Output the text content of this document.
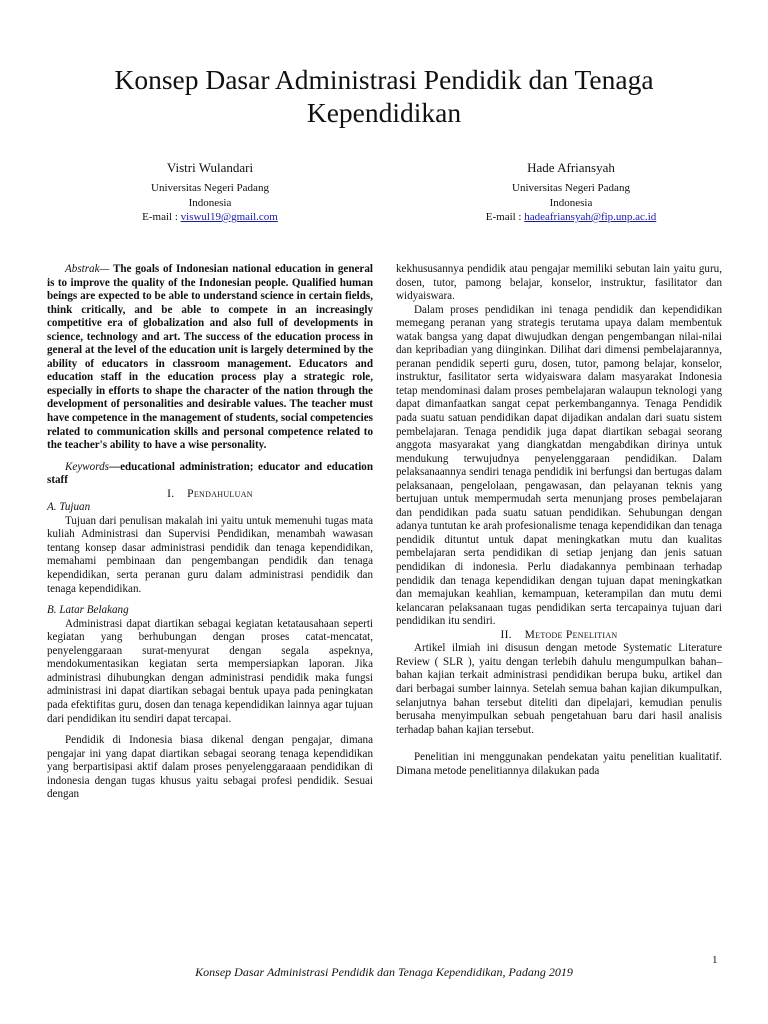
Konsep Dasar Administrasi Pendidik dan Tenaga Kependidikan
Vistri Wulandari
Universitas Negeri Padang
Indonesia
E-mail : viswul19@gmail.com
Hade Afriansyah
Universitas Negeri Padang
Indonesia
E-mail : hadeafriansyah@fip.unp.ac.id

Abstrak— The goals of Indonesian national education in general is to improve the quality of the Indonesian people. Qualified human beings are expected to be able to understand science in certain fields, think critically, and be able to compete in an increasingly competitive era of globalization and also full of developments in science, technology and art. The success of the education process in general at the level of the education unit is largely determined by the ability of educators in classroom management. Educators and education staff in the education process play a strategic role, especially in efforts to shape the character of the nation through the development of personalities and desirable values. The teacher must have competence in the management of students, social competencies related to communication skills and personal competence related to the teacher's ability to have a wise personality.

Keywords—educational administration; educator and education staff

I. Pendahuluan

A. Tujuan

Tujuan dari penulisan makalah ini yaitu untuk memenuhi tugas mata kuliah Administrasi dan Supervisi Pendidikan, menambah wawasan tentang konsep dasar administrasi pendidik dan tenaga kependidikan, memahami pembinaan dan pengembangan pendidik dan tenaga kependidikan, serta peranan guru dalam administrasi pendidik dan tenaga kependidikan.

B. Latar Belakang

Administrasi dapat diartikan sebagai kegiatan ketatausahaan seperti kegiatan yang berhubungan dengan proses catat-mencatat, penyelenggaraan surat-menyurat dengan segala aspeknya, mendokumentasikan kegiatan serta mempersiapkan laporan. Jika administrasi dihubungkan dengan administrasi pendidik maka fungsi administrasi ini dapat diartikan sebagai bentuk upaya pada peningkatan pada efektifitas guru, dosen dan tenaga kependidikan lainnya agar tujuan dari pendidikan itu sendiri dapat tercapai.

Pendidik di Indonesia biasa dikenal dengan pengajar, dimana pengajar ini yang dapat diartikan sebagai seorang tenaga kependidikan yang berpartisipasi aktif dalam proses penyelenggaraaan pendidikan di indonesia dengan tugas khusus yaitu sebagai profesi pendidik. Sesuai dengan

kekhususannya pendidik atau pengajar memiliki sebutan lain yaitu guru, dosen, tutor, pamong belajar, konselor, instruktur, fasilitator dan widyaiswara.

Dalam proses pendidikan ini tenaga pendidik dan kependidikan memegang peranan yang strategis terutama upaya dalam membentuk watak bangsa yang dapat diwujudkan dengan pengembangan nilai-nilai dan kepribadian yang diinginkan. Dilihat dari dimensi pembelajarannya, peranan pendidik seperti guru, dosen, tutor, pamong belajar, konselor, instruktur, fasilitator serta widyaiswara dalam masyarakat Indonesia tetap mendominasi dalam proses pembelajaran walaupun teknologi yang dapat dimanfaatkan sangat cepat perkembangannya. Tenaga Pendidik pada suatu satuan pendidikan dapat dijadikan andalan dari suatu sistem pembelajaran. Tenaga pendidik juga dapat diartikan sebagai seorang anggota masyarakat yang diangkatdan mengabdikan dirinya untuk mendukung terwujudnya penyelenggaraan pendidikan. Dalam pelaksanaannya sendiri tenaga pendidik ini berfungsi dan bertugas dalam pelaksanaan, pengelolaan, pengawasan, dan pelayanan teknis yang bertujuan untuk mempermudah serta menunjang proses pembelajaran dan pendidikan pada suatu satuan pendidikan. Sehubungan dengan adanya tuntutan ke arah profesionalisme tenaga kependidikan dan tenaga pendidik dituntut untuk dapat meningkatkan mutu dan kualitas pembelajaran serta pendidikan di setiap jenjang dan jenis satuan pendidikan di indonesia. Perlu diadakannya pembinaan terhadap pendidik dan tenaga kependidikan dengan tujuan dapat meningkatkan dan memajukan keahlian, kemampuan, keterampilan dan mutu demi kelancaran pelaksanaan tugas pendidikan serta tercapainya tujuan dari pendidikan itu sendiri.

II. Metode Penelitian

Artikel ilmiah ini disusun dengan metode Systematic Literature Review ( SLR ), yaitu dengan terlebih dahulu mengumpulkan bahan–bahan kajian terkait administrasi pendidikan berupa buku, artikel dan dari berbagai sumber lainnya. Setelah semua bahan kajian dikumpulkan, selanjutnya bahan tersebut diteliti dan dipelajari, kemudian penulis berusaha menyimpulkan sebuah pengetahuan baru dari hasil analisis terhadap bahan kajian tersebut.

Penelitian ini menggunakan pendekatan yaitu penelitian kualitatif. Dimana metode penelitiannya dilakukan pada

1
Konsep Dasar Administrasi Pendidik dan Tenaga Kependidikan, Padang 2019
